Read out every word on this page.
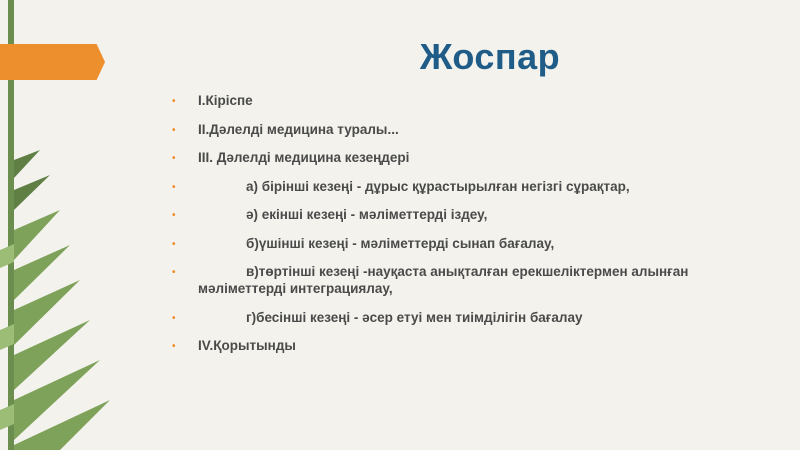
Жоспар
• I.Кіріспе
• II.Дәлелді медицина туралы...
• III. Дәлелді медицина кезеңдері
•	а) бірінші кезеңі - дұрыс құрастырылған негізгі сұрақтар,
•	ә) екінші кезеңі - мәліметтерді іздеу,
•	б)үшінші кезеңі - мәліметтерді сынап бағалау,
•	в)төртінші кезеңі -науқаста анықталған ерекшеліктермен алынған мәліметтерді интеграциялау,
•	г)бесінші кезеңі - әсер етуі мен тиімділігін бағалау
• IV.Қорытынды
